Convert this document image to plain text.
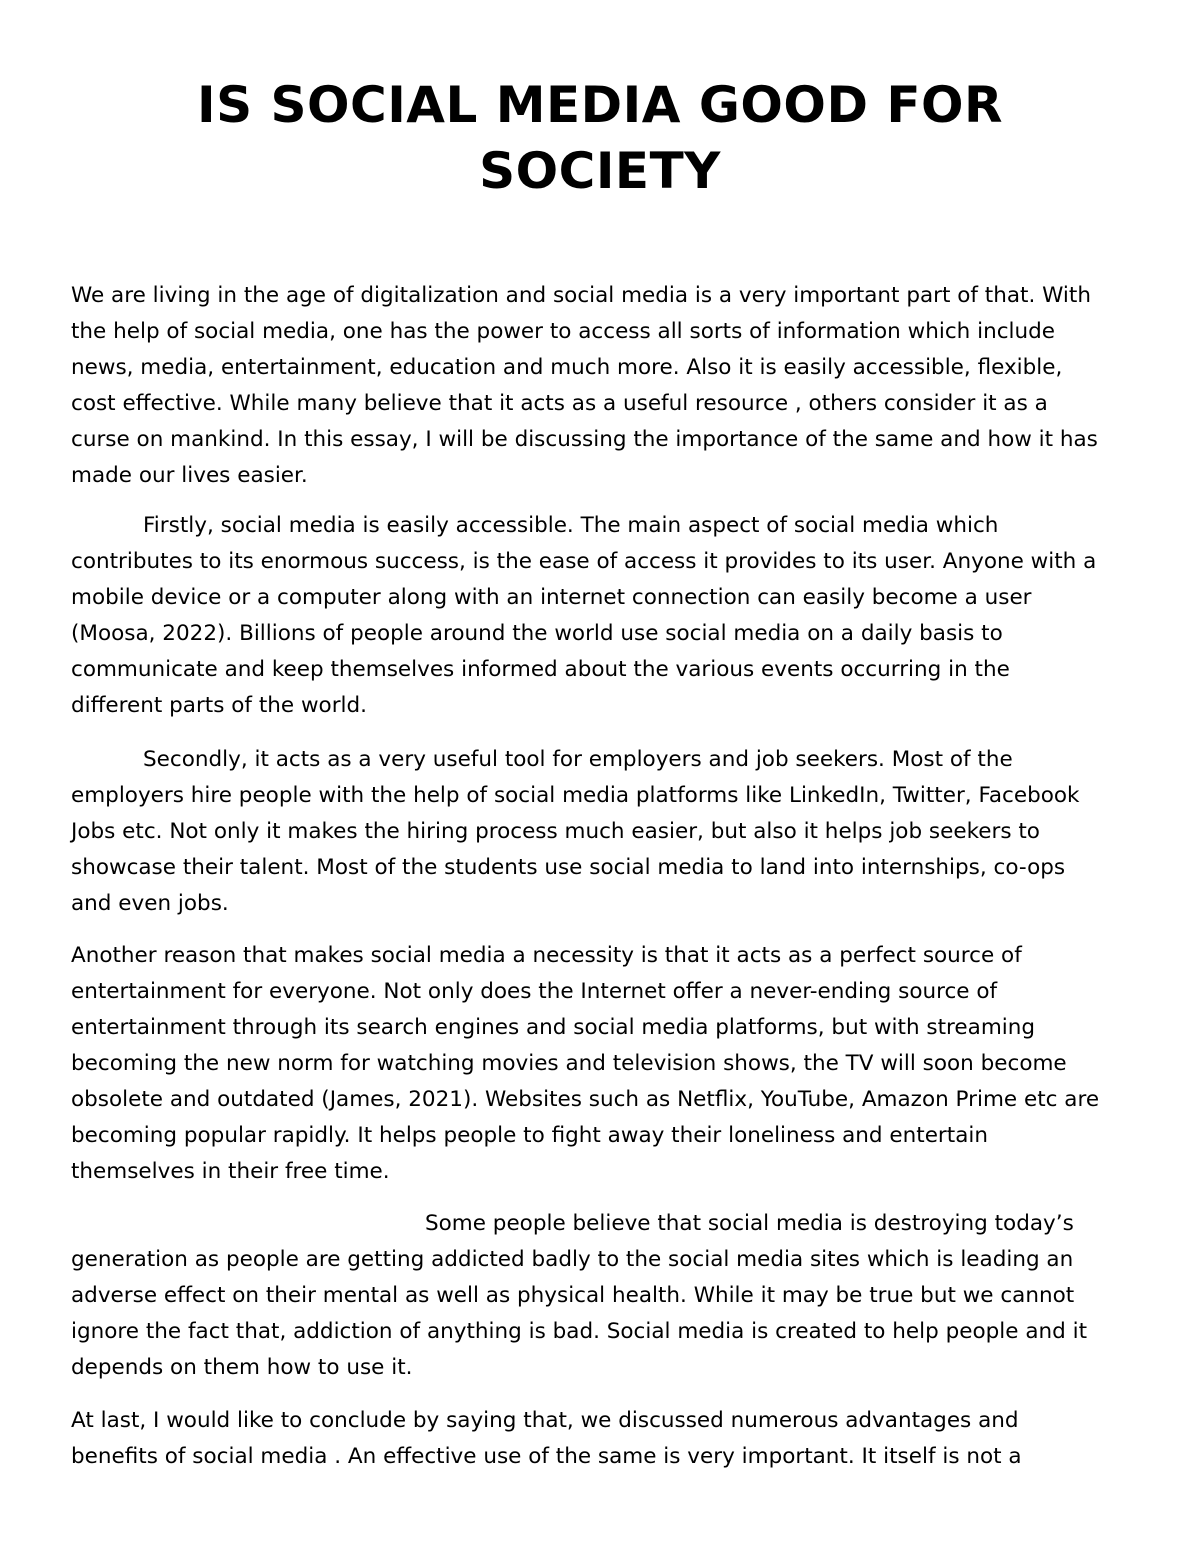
IS SOCIAL MEDIA GOOD FOR
SOCIETY

We are living in the age of digitalization and social media is a very important part of that. With
the help of social media, one has the power to access all sorts of information which include
news, media, entertainment, education and much more. Also it is easily accessible, flexible,
cost effective. While many believe that it acts as a useful resource , others consider it as a
curse on mankind. In this essay, I will be discussing the importance of the same and how it has
made our lives easier.

Firstly, social media is easily accessible. The main aspect of social media which
contributes to its enormous success, is the ease of access it provides to its user. Anyone with a
mobile device or a computer along with an internet connection can easily become a user
(Moosa, 2022). Billions of people around the world use social media on a daily basis to
communicate and keep themselves informed about the various events occurring in the
different parts of the world.

Secondly, it acts as a very useful tool for employers and job seekers. Most of the
employers hire people with the help of social media platforms like LinkedIn, Twitter, Facebook
Jobs etc. Not only it makes the hiring process much easier, but also it helps job seekers to
showcase their talent. Most of the students use social media to land into internships, co-ops
and even jobs.

Another reason that makes social media a necessity is that it acts as a perfect source of
entertainment for everyone. Not only does the Internet offer a never-ending source of
entertainment through its search engines and social media platforms, but with streaming
becoming the new norm for watching movies and television shows, the TV will soon become
obsolete and outdated (James, 2021). Websites such as Netflix, YouTube, Amazon Prime etc are
becoming popular rapidly. It helps people to fight away their loneliness and entertain
themselves in their free time.

Some people believe that social media is destroying today’s
generation as people are getting addicted badly to the social media sites which is leading an
adverse effect on their mental as well as physical health. While it may be true but we cannot
ignore the fact that, addiction of anything is bad. Social media is created to help people and it
depends on them how to use it.

At last, I would like to conclude by saying that, we discussed numerous advantages and
benefits of social media . An effective use of the same is very important. It itself is not a
